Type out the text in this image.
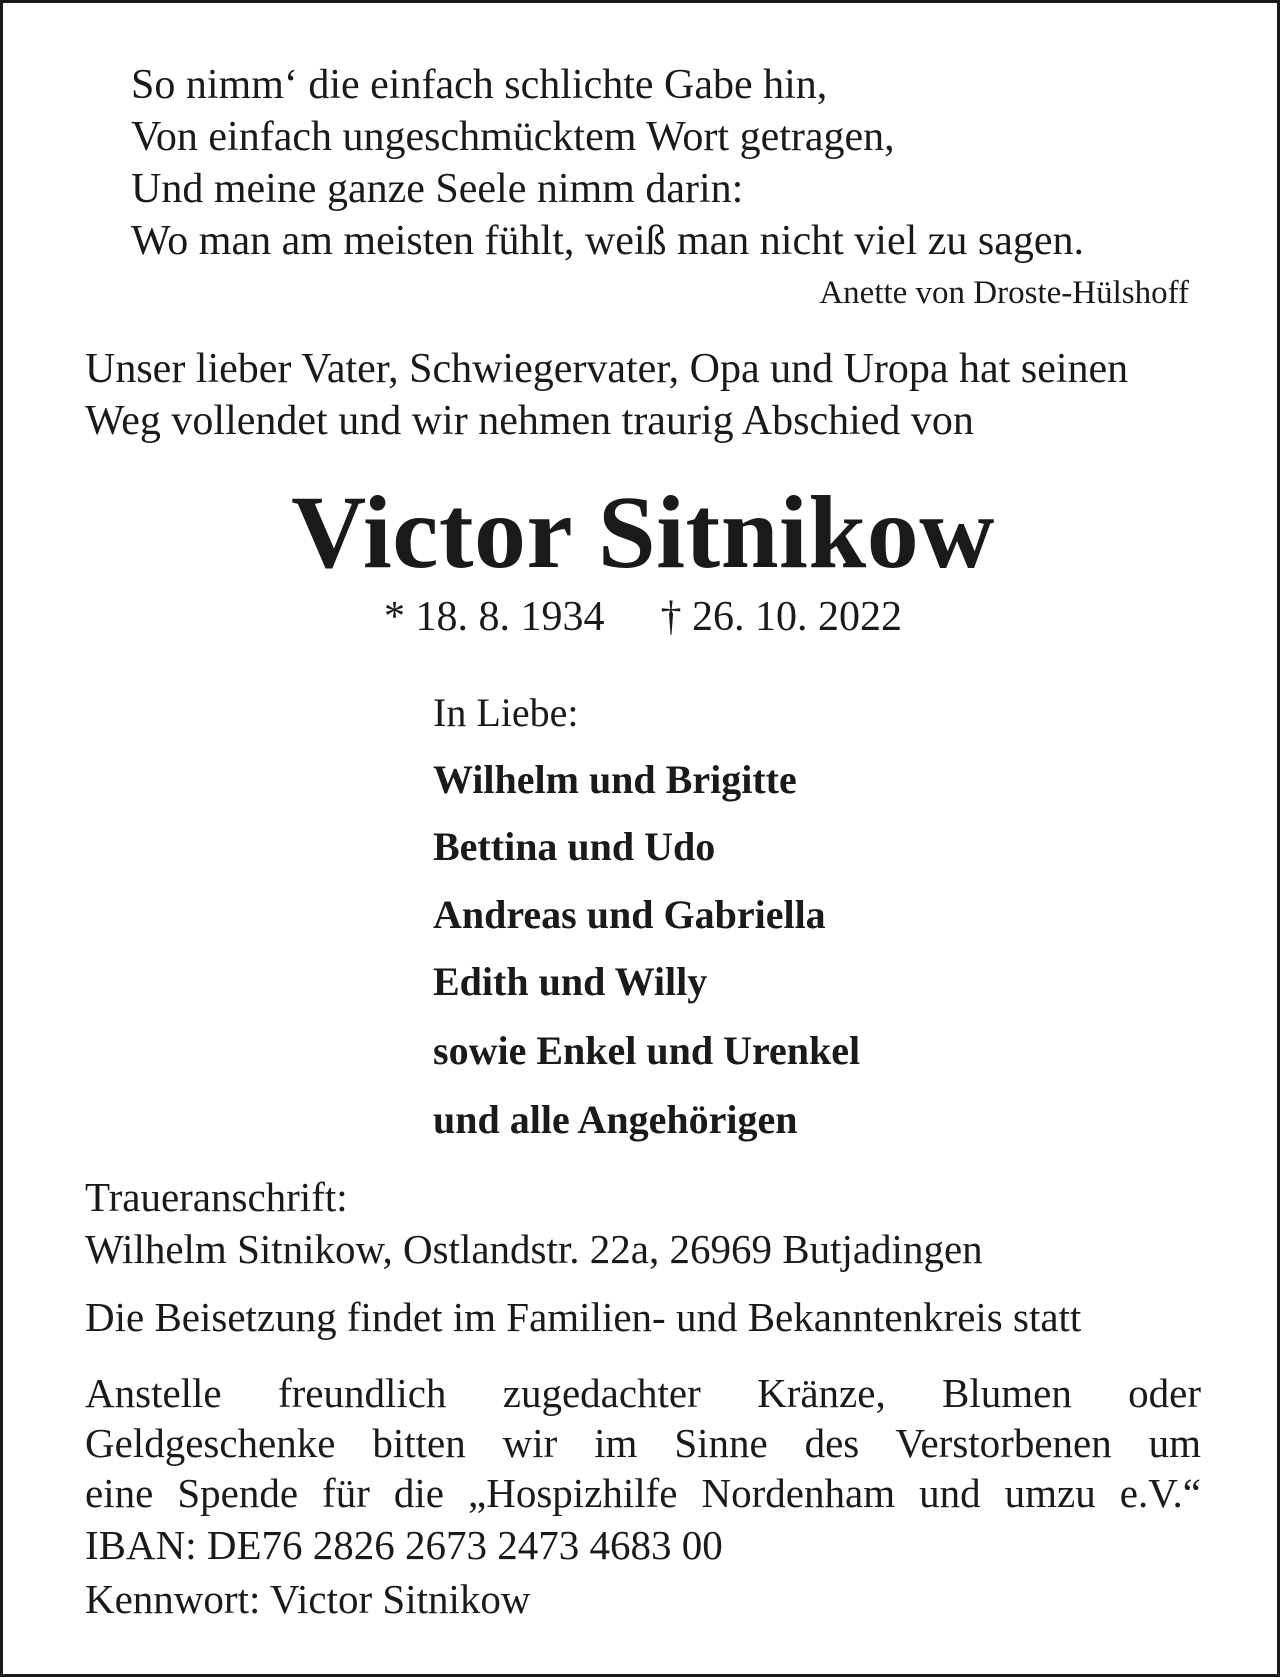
So nimm‘ die einfach schlichte Gabe hin,
Von einfach ungeschmücktem Wort getragen,
Und meine ganze Seele nimm darin:
Wo man am meisten fühlt, weiß man nicht viel zu sagen.
Anette von Droste-Hülshoff
Unser lieber Vater, Schwiegervater, Opa und Uropa hat seinen
Weg vollendet und wir nehmen traurig Abschied von
Victor Sitnikow
* 18. 8. 1934 † 26. 10. 2022
In Liebe:
Wilhelm und Brigitte
Bettina und Udo
Andreas und Gabriella
Edith und Willy
sowie Enkel und Urenkel
und alle Angehörigen
Traueranschrift:
Wilhelm Sitnikow, Ostlandstr. 22a, 26969 Butjadingen
Die Beisetzung findet im Familien- und Bekanntenkreis statt
Anstelle freundlich zugedachter Kränze, Blumen oder
Geldgeschenke bitten wir im Sinne des Verstorbenen um
eine Spende für die „Hospizhilfe Nordenham und umzu e.V.“
IBAN: DE76 2826 2673 2473 4683 00
Kennwort: Victor Sitnikow
